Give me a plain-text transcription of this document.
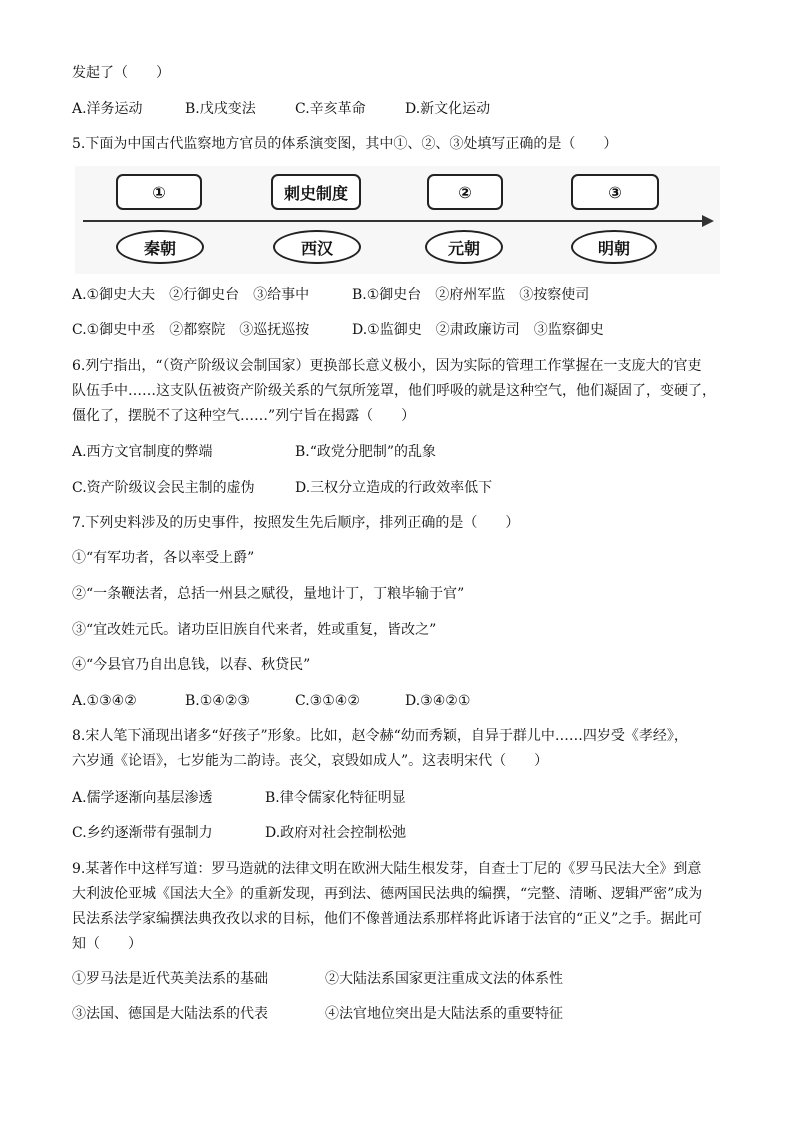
发起了（　　）
A.洋务运动	B.戊戌变法	C.辛亥革命	D.新文化运动
5.下面为中国古代监察地方官员的体系演变图，其中①、②、③处填写正确的是（　　）
①	刺史制度	②	③
秦朝	西汉	元朝	明朝
A.①御史大夫　②行御史台　③给事中	B.①御史台　②府州军监　③按察使司
C.①御史中丞　②都察院　③巡抚巡按	D.①监御史　②肃政廉访司　③监察御史
6.列宁指出，“（资产阶级议会制国家）更换部长意义极小，因为实际的管理工作掌握在一支庞大的官吏
队伍手中……这支队伍被资产阶级关系的气氛所笼罩，他们呼吸的就是这种空气，他们凝固了，变硬了，
僵化了，摆脱不了这种空气……”列宁旨在揭露（　　）
A.西方文官制度的弊端	B.“政党分肥制”的乱象
C.资产阶级议会民主制的虚伪	D.三权分立造成的行政效率低下
7.下列史料涉及的历史事件，按照发生先后顺序，排列正确的是（　　）
①“有军功者，各以率受上爵”
②“一条鞭法者，总括一州县之赋役，量地计丁，丁粮毕输于官”
③“宜改姓元氏。诸功臣旧族自代来者，姓或重复，皆改之”
④“今县官乃自出息钱，以春、秋贷民”
A.①③④②	B.①④②③	C.③①④②	D.③④②①
8.宋人笔下涌现出诸多“好孩子”形象。比如，赵令赫“幼而秀颖，自异于群儿中……四岁受《孝经》，
六岁通《论语》，七岁能为二韵诗。丧父，哀毁如成人”。这表明宋代（　　）
A.儒学逐渐向基层渗透	B.律令儒家化特征明显
C.乡约逐渐带有强制力	D.政府对社会控制松弛
9.某著作中这样写道：罗马造就的法律文明在欧洲大陆生根发芽，自查士丁尼的《罗马民法大全》到意
大利波伦亚城《国法大全》的重新发现，再到法、德两国民法典的编撰，“完整、清晰、逻辑严密”成为
民法系法学家编撰法典孜孜以求的目标，他们不像普通法系那样将此诉诸于法官的“正义”之手。据此可
知（　　）
①罗马法是近代英美法系的基础	②大陆法系国家更注重成文法的体系性
③法国、德国是大陆法系的代表	④法官地位突出是大陆法系的重要特征
